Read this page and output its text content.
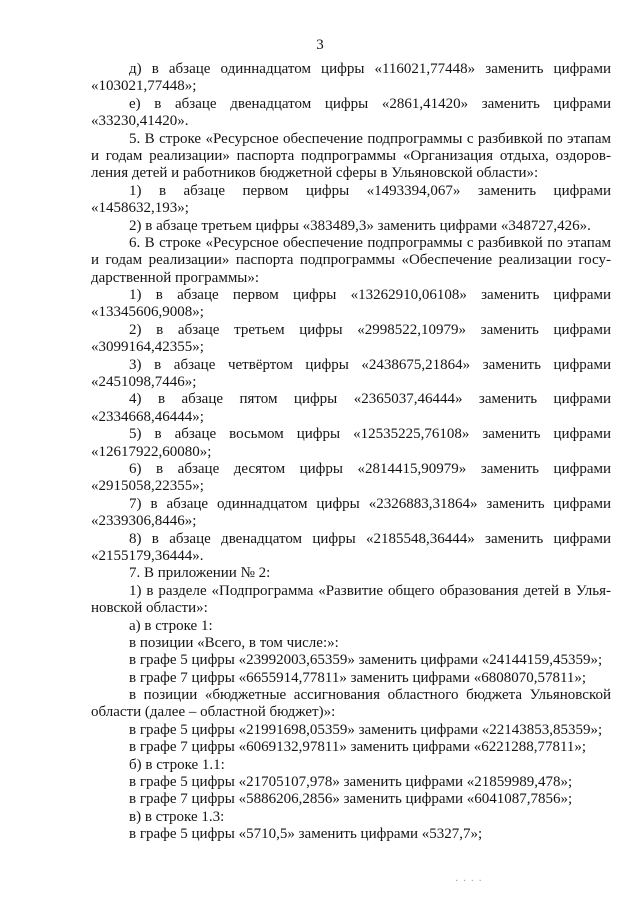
3
д) в абзаце одиннадцатом цифры «116021,77448» заменить цифрами
«103021,77448»;
е) в абзаце двенадцатом цифры «2861,41420» заменить цифрами
«33230,41420».
5. В строке «Ресурсное обеспечение подпрограммы с разбивкой по этапам
и годам реализации» паспорта подпрограммы «Организация отдыха, оздоров-
ления детей и работников бюджетной сферы в Ульяновской области»:
1) в абзаце первом цифры «1493394,067» заменить цифрами
«1458632,193»;
2) в абзаце третьем цифры «383489,3» заменить цифрами «348727,426».
6. В строке «Ресурсное обеспечение подпрограммы с разбивкой по этапам
и годам реализации» паспорта подпрограммы «Обеспечение реализации госу-
дарственной программы»:
1) в абзаце первом цифры «13262910,06108» заменить цифрами
«13345606,9008»;
2) в абзаце третьем цифры «2998522,10979» заменить цифрами
«3099164,42355»;
3) в абзаце четвёртом цифры «2438675,21864» заменить цифрами
«2451098,7446»;
4) в абзаце пятом цифры «2365037,46444» заменить цифрами
«2334668,46444»;
5) в абзаце восьмом цифры «12535225,76108» заменить цифрами
«12617922,60080»;
6) в абзаце десятом цифры «2814415,90979» заменить цифрами
«2915058,22355»;
7) в абзаце одиннадцатом цифры «2326883,31864» заменить цифрами
«2339306,8446»;
8) в абзаце двенадцатом цифры «2185548,36444» заменить цифрами
«2155179,36444».
7. В приложении № 2:
1) в разделе «Подпрограмма «Развитие общего образования детей в Улья-
новской области»:
а) в строке 1:
в позиции «Всего, в том числе:»:
в графе 5 цифры «23992003,65359» заменить цифрами «24144159,45359»;
в графе 7 цифры «6655914,77811» заменить цифрами «6808070,57811»;
в позиции «бюджетные ассигнования областного бюджета Ульяновской
области (далее – областной бюджет)»:
в графе 5 цифры «21991698,05359» заменить цифрами «22143853,85359»;
в графе 7 цифры «6069132,97811» заменить цифрами «6221288,77811»;
б) в строке 1.1:
в графе 5 цифры «21705107,978» заменить цифрами «21859989,478»;
в графе 7 цифры «5886206,2856» заменить цифрами «6041087,7856»;
в) в строке 1.3:
в графе 5 цифры «5710,5» заменить цифрами «5327,7»;
· · · ·
